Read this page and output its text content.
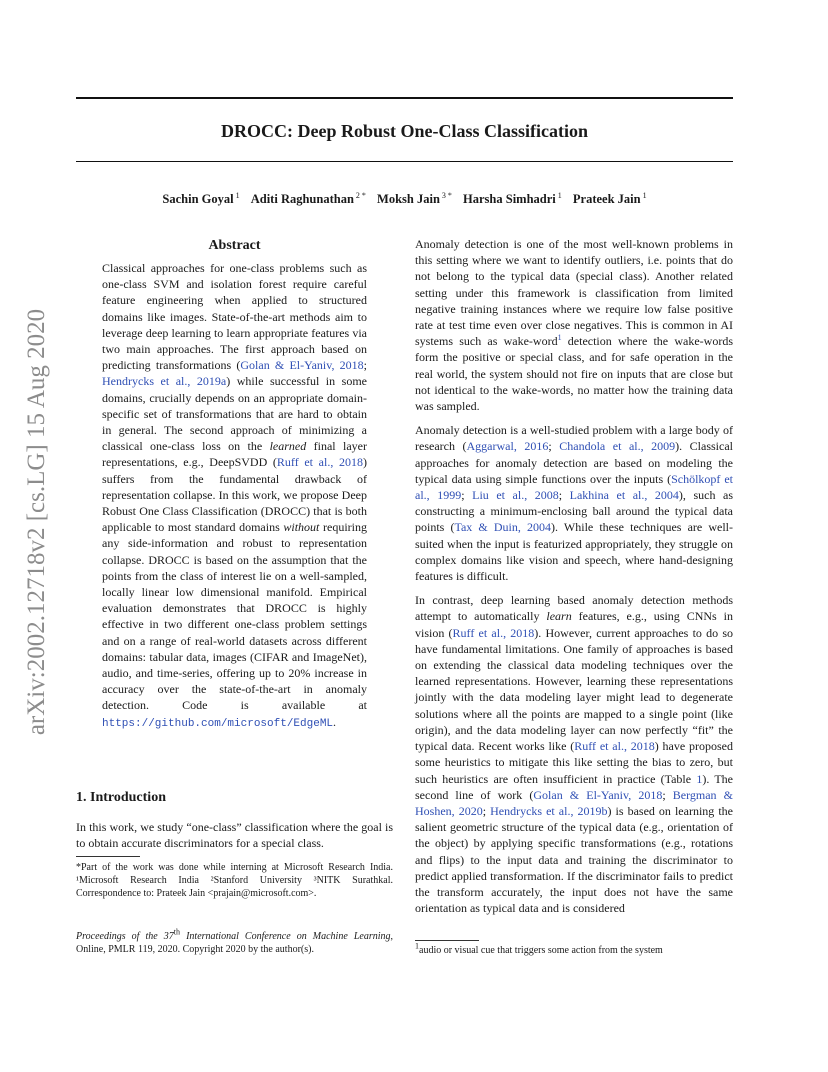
arXiv:2002.12718v2 [cs.LG] 15 Aug 2020
DROCC: Deep Robust One-Class Classification
Sachin Goyal $^1$ Aditi Raghunathan $^{2 *}$ Moksh Jain $^{3 *}$ Harsha Simhadri $^1$ Prateek Jain $^1$
Abstract

Classical approaches for one-class problems such as one-class SVM and isolation forest require careful feature engineering when applied to structured domains like images. State-of-the-art methods aim to leverage deep learning to learn appropriate features via two main approaches. The first approach based on predicting transformations (Golan & El-Yaniv, 2018; Hendrycks et al., 2019a) while successful in some domains, crucially depends on an appropriate domain-specific set of transformations that are hard to obtain in general. The second approach of minimizing a classical one-class loss on the learned final layer representations, e.g., DeepSVDD (Ruff et al., 2018) suffers from the fundamental drawback of representation collapse. In this work, we propose Deep Robust One Class Classification (DROCC) that is both applicable to most standard domains without requiring any side-information and robust to representation collapse. DROCC is based on the assumption that the points from the class of interest lie on a well-sampled, locally linear low dimensional manifold. Empirical evaluation demonstrates that DROCC is highly effective in two different one-class problem settings and on a range of real-world datasets across different domains: tabular data, images (CIFAR and ImageNet), audio, and time-series, offering up to 20% increase in accuracy over the state-of-the-art in anomaly detection. Code is available at https://github.com/microsoft/EdgeML.

1. Introduction

In this work, we study “one-class” classification where the goal is to obtain accurate discriminators for a special class.

*Part of the work was done while interning at Microsoft Research India. ¹Microsoft Research India ²Stanford University ³NITK Surathkal. Correspondence to: Prateek Jain <prajain@microsoft.com>.

Proceedings of the 37th International Conference on Machine Learning, Online, PMLR 119, 2020. Copyright 2020 by the author(s).

Anomaly detection is one of the most well-known problems in this setting where we want to identify outliers, i.e. points that do not belong to the typical data (special class). Another related setting under this framework is classification from limited negative training instances where we require low false positive rate at test time even over close negatives. This is common in AI systems such as wake-word$^1$ detection where the wake-words form the positive or special class, and for safe operation in the real world, the system should not fire on inputs that are close but not identical to the wake-words, no matter how the training data was sampled.

Anomaly detection is a well-studied problem with a large body of research (Aggarwal, 2016; Chandola et al., 2009). Classical approaches for anomaly detection are based on modeling the typical data using simple functions over the inputs (Schölkopf et al., 1999; Liu et al., 2008; Lakhina et al., 2004), such as constructing a minimum-enclosing ball around the typical data points (Tax & Duin, 2004). While these techniques are well-suited when the input is featurized appropriately, they struggle on complex domains like vision and speech, where hand-designing features is difficult.

In contrast, deep learning based anomaly detection methods attempt to automatically learn features, e.g., using CNNs in vision (Ruff et al., 2018). However, current approaches to do so have fundamental limitations. One family of approaches is based on extending the classical data modeling techniques over the learned representations. However, learning these representations jointly with the data modeling layer might lead to degenerate solutions where all the points are mapped to a single point (like origin), and the data modeling layer can now perfectly “fit” the typical data. Recent works like (Ruff et al., 2018) have proposed some heuristics to mitigate this like setting the bias to zero, but such heuristics are often insufficient in practice (Table 1). The second line of work (Golan & El-Yaniv, 2018; Bergman & Hoshen, 2020; Hendrycks et al., 2019b) is based on learning the salient geometric structure of the typical data (e.g., orientation of the object) by applying specific transformations (e.g., rotations and flips) to the input data and training the discriminator to predict applied transformation. If the discriminator fails to predict the transform accurately, the input does not have the same orientation as typical data and is considered

$^1$audio or visual cue that triggers some action from the system
